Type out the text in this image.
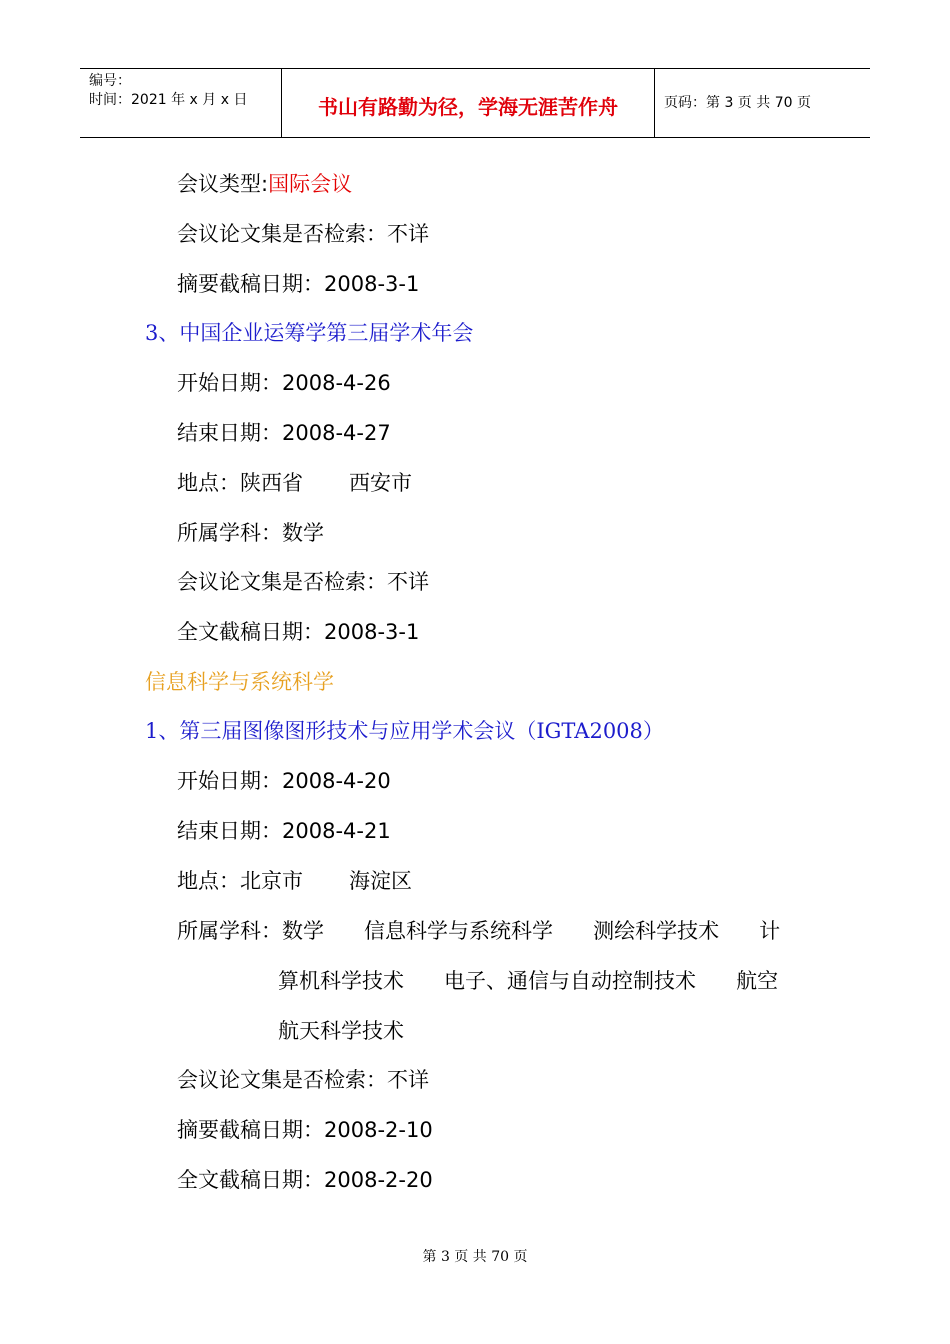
编号：
时间：2021 年 x 月 x 日	书山有路勤为径，学海无涯苦作舟	页码：第 3 页 共 70 页
会议类型:国际会议
会议论文集是否检索：不详
摘要截稿日期：2008-3-1
3、中国企业运筹学第三届学术年会
开始日期：2008-4-26
结束日期：2008-4-27
地点：陕西省 西安市
所属学科：数学
会议论文集是否检索：不详
全文截稿日期：2008-3-1
信息科学与系统科学
1、第三届图像图形技术与应用学术会议（IGTA2008）
开始日期：2008-4-20
结束日期：2008-4-21
地点：北京市 海淀区
所属学科：数学      信息科学与系统科学      测绘科学技术      计
算机科学技术      电子、通信与自动控制技术      航空
航天科学技术
会议论文集是否检索：不详
摘要截稿日期：2008-2-10
全文截稿日期：2008-2-20
第 3 页 共 70 页
